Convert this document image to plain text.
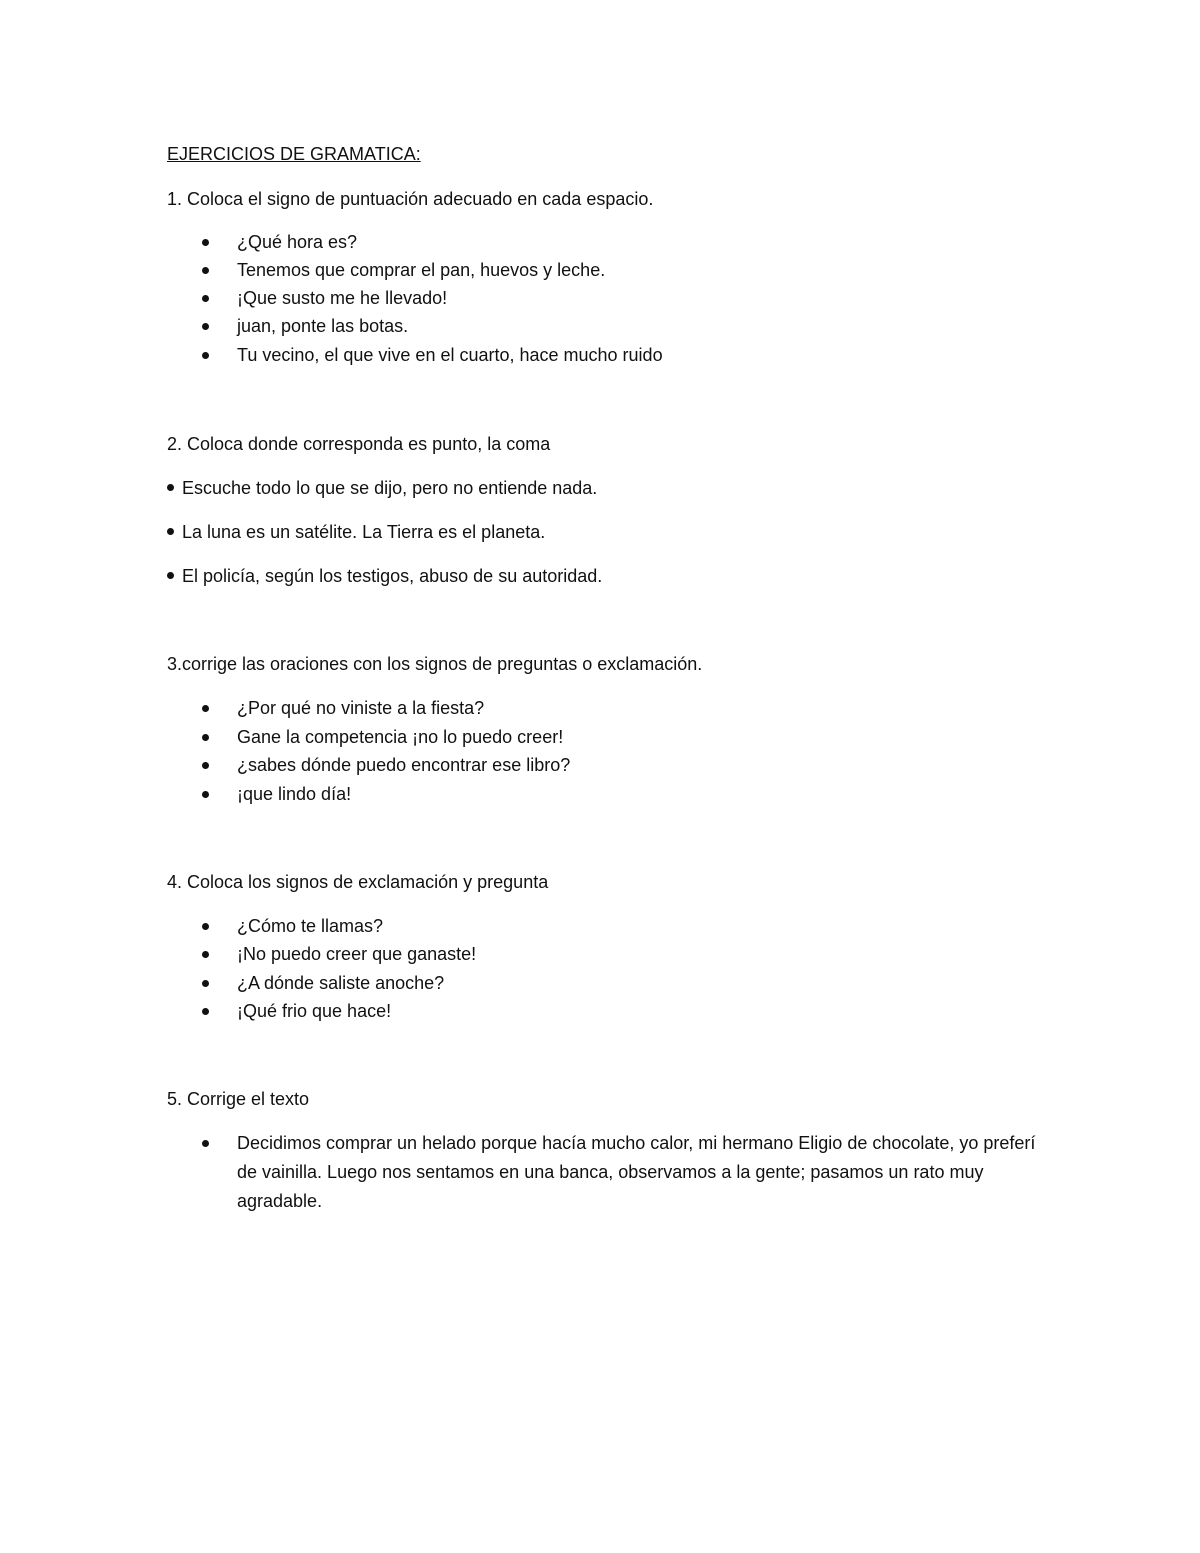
EJERCICIOS DE GRAMATICA:
1. Coloca el signo de puntuación adecuado en cada espacio.
¿Qué hora es?
Tenemos que comprar el pan, huevos y leche.
¡Que susto me he llevado!
juan, ponte las botas.
Tu vecino, el que vive en el cuarto, hace mucho ruido
2. Coloca donde corresponda es punto, la coma
Escuche todo lo que se dijo, pero no entiende nada.
La luna es un satélite. La Tierra es el planeta.
El policía, según los testigos, abuso de su autoridad.
3.corrige las oraciones con los signos de preguntas o exclamación.
¿Por qué no viniste a la fiesta?
Gane la competencia ¡no lo puedo creer!
¿sabes dónde puedo encontrar ese libro?
¡que lindo día!
4. Coloca los signos de exclamación y pregunta
¿Cómo te llamas?
¡No puedo creer que ganaste!
¿A dónde saliste anoche?
¡Qué frio que hace!
5. Corrige el texto
Decidimos comprar un helado porque hacía mucho calor, mi hermano Eligio de chocolate, yo preferí de vainilla. Luego nos sentamos en una banca, observamos a la gente; pasamos un rato muy agradable.
